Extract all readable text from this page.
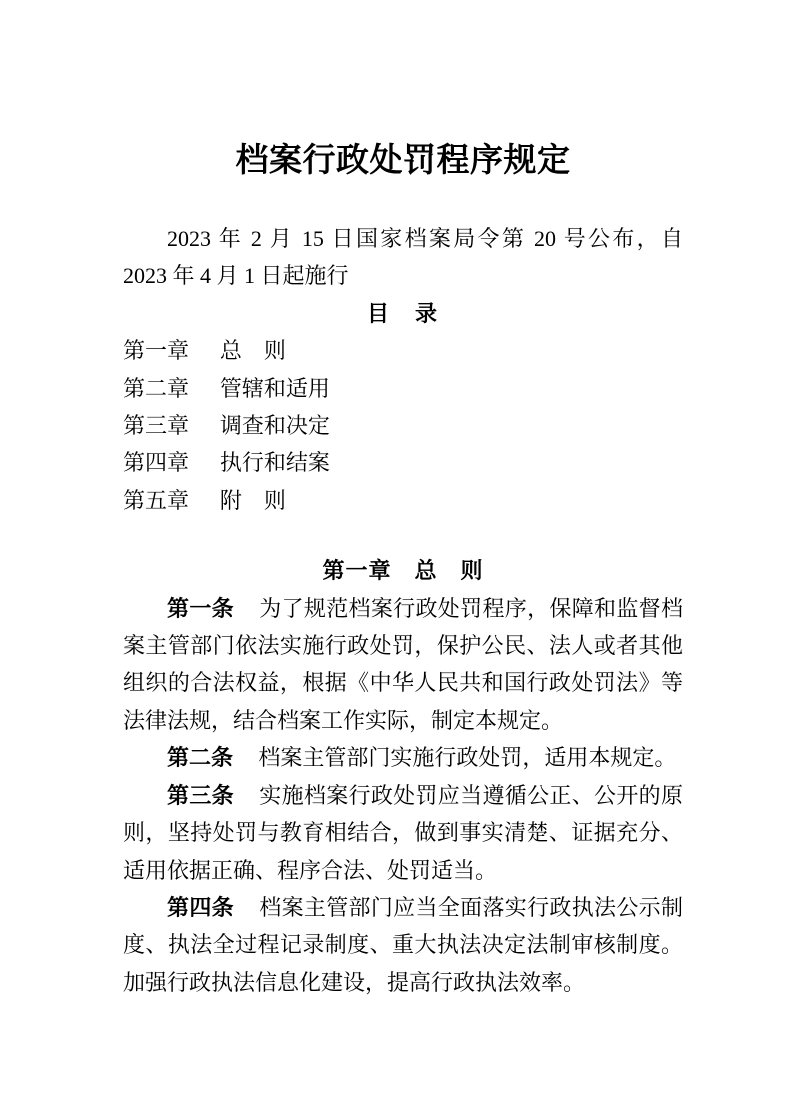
档案行政处罚程序规定

2023 年 2 月 15 日国家档案局令第 20 号公布，自 2023 年 4 月 1 日起施行

目　录
第一章 总　则
第二章 管辖和适用
第三章 调查和决定
第四章 执行和结案
第五章 附　则
第一章　总　则

第一条 为了规范档案行政处罚程序，保障和监督档案主管部门依法实施行政处罚，保护公民、法人或者其他组织的合法权益，根据《中华人民共和国行政处罚法》等法律法规，结合档案工作实际，制定本规定。

第二条 档案主管部门实施行政处罚，适用本规定。

第三条 实施档案行政处罚应当遵循公正、公开的原则，坚持处罚与教育相结合，做到事实清楚、证据充分、适用依据正确、程序合法、处罚适当。

第四条 档案主管部门应当全面落实行政执法公示制度、执法全过程记录制度、重大执法决定法制审核制度。加强行政执法信息化建设，提高行政执法效率。
